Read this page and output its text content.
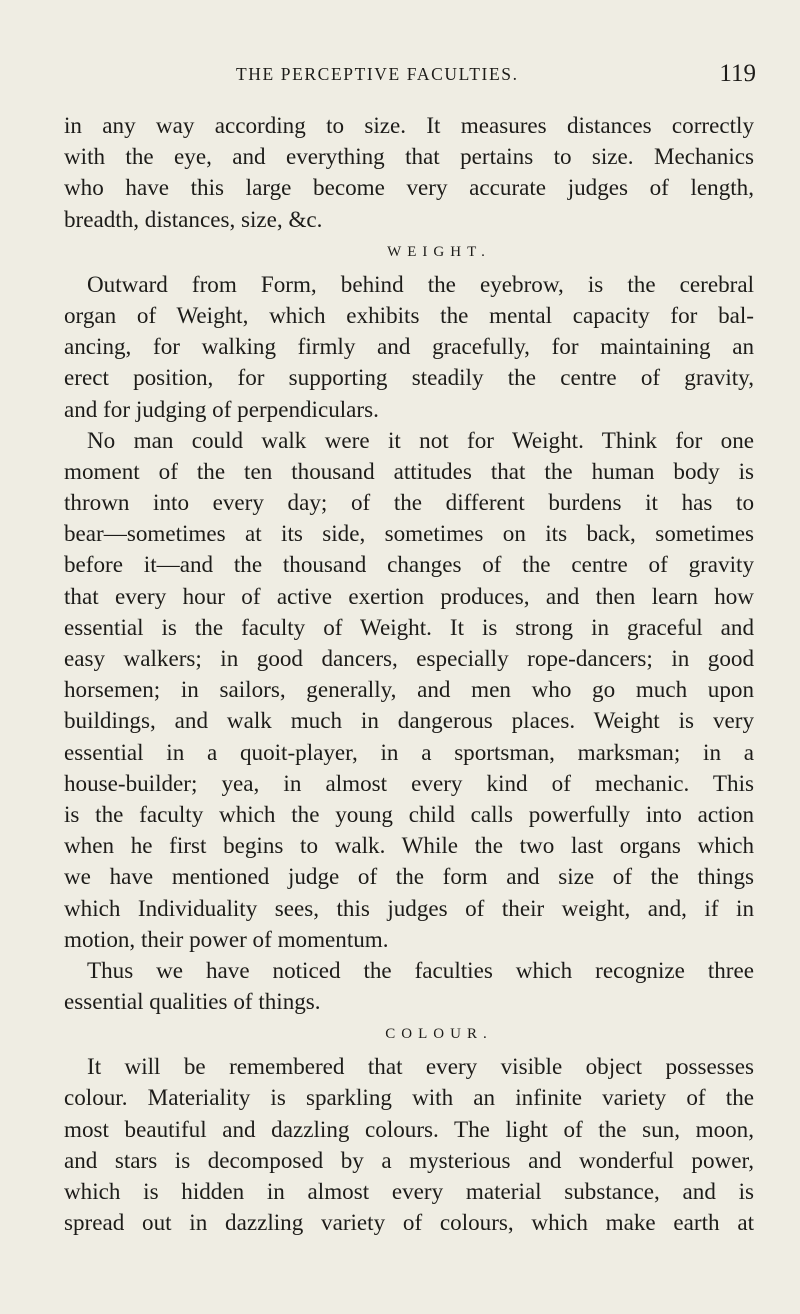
THE PERCEPTIVE FACULTIES.	119
in any way according to size. It measures distances correctly
with the eye, and everything that pertains to size. Mechanics
who have this large become very accurate judges of length,
breadth, distances, size, &c.
WEIGHT.
Outward from Form, behind the eyebrow, is the cerebral
organ of Weight, which exhibits the mental capacity for bal-
ancing, for walking firmly and gracefully, for maintaining an
erect position, for supporting steadily the centre of gravity,
and for judging of perpendiculars.
No man could walk were it not for Weight. Think for one
moment of the ten thousand attitudes that the human body is
thrown into every day; of the different burdens it has to
bear—sometimes at its side, sometimes on its back, sometimes
before it—and the thousand changes of the centre of gravity
that every hour of active exertion produces, and then learn how
essential is the faculty of Weight. It is strong in graceful and
easy walkers; in good dancers, especially rope-dancers; in good
horsemen; in sailors, generally, and men who go much upon
buildings, and walk much in dangerous places. Weight is very
essential in a quoit-player, in a sportsman, marksman; in a
house-builder; yea, in almost every kind of mechanic. This
is the faculty which the young child calls powerfully into action
when he first begins to walk. While the two last organs which
we have mentioned judge of the form and size of the things
which Individuality sees, this judges of their weight, and, if in
motion, their power of momentum.
Thus we have noticed the faculties which recognize three
essential qualities of things.
COLOUR.
It will be remembered that every visible object possesses
colour. Materiality is sparkling with an infinite variety of the
most beautiful and dazzling colours. The light of the sun, moon,
and stars is decomposed by a mysterious and wonderful power,
which is hidden in almost every material substance, and is
spread out in dazzling variety of colours, which make earth at
